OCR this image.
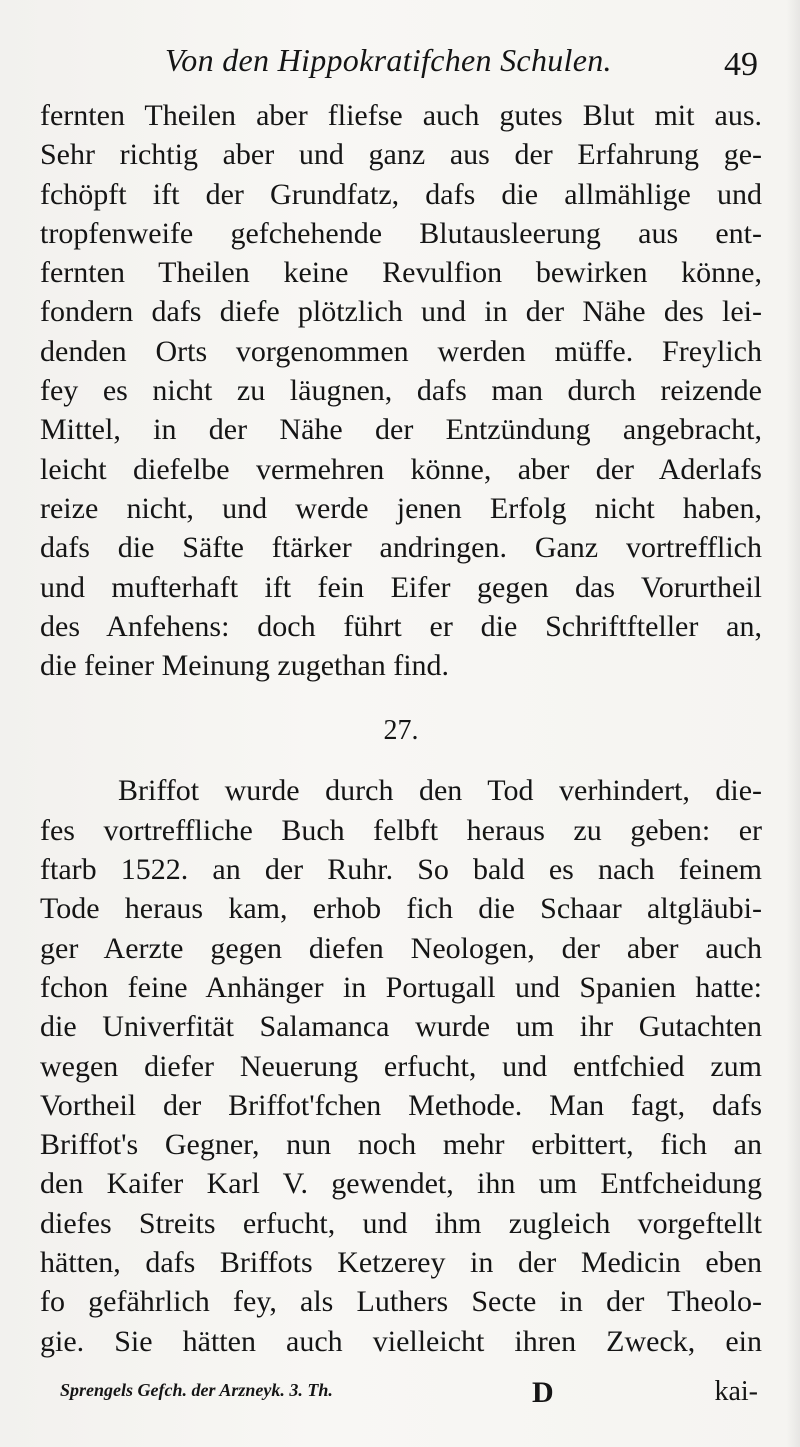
Von den Hippokratifchen Schulen.	49
fernten Theilen aber fliefse auch gutes Blut mit aus.
Sehr richtig aber und ganz aus der Erfahrung ge-
fchöpft ift der Grundfatz, dafs die allmählige und
tropfenweife gefchehende Blutausleerung aus ent-
fernten Theilen keine Revulfion bewirken könne,
fondern dafs diefe plötzlich und in der Nähe des lei-
denden Orts vorgenommen werden müffe. Freylich
fey es nicht zu läugnen, dafs man durch reizende
Mittel, in der Nähe der Entzündung angebracht,
leicht diefelbe vermehren könne, aber der Aderlafs
reize nicht, und werde jenen Erfolg nicht haben,
dafs die Säfte ftärker andringen. Ganz vortrefflich
und mufterhaft ift fein Eifer gegen das Vorurtheil
des Anfehens: doch führt er die Schriftfteller an,
die feiner Meinung zugethan find.
27.
Briffot wurde durch den Tod verhindert, die-
fes vortreffliche Buch felbft heraus zu geben: er
ftarb 1522. an der Ruhr. So bald es nach feinem
Tode heraus kam, erhob fich die Schaar altgläubi-
ger Aerzte gegen diefen Neologen, der aber auch
fchon feine Anhänger in Portugall und Spanien hatte:
die Univerfität Salamanca wurde um ihr Gutachten
wegen diefer Neuerung erfucht, und entfchied zum
Vortheil der Briffot'fchen Methode. Man fagt, dafs
Briffot's Gegner, nun noch mehr erbittert, fich an
den Kaifer Karl V. gewendet, ihn um Entfcheidung
diefes Streits erfucht, und ihm zugleich vorgeftellt
hätten, dafs Briffots Ketzerey in der Medicin eben
fo gefährlich fey, als Luthers Secte in der Theolo-
gie. Sie hätten auch vielleicht ihren Zweck, ein
Sprengels Gefch. der Arzneyk. 3. Th.	D	kai-
